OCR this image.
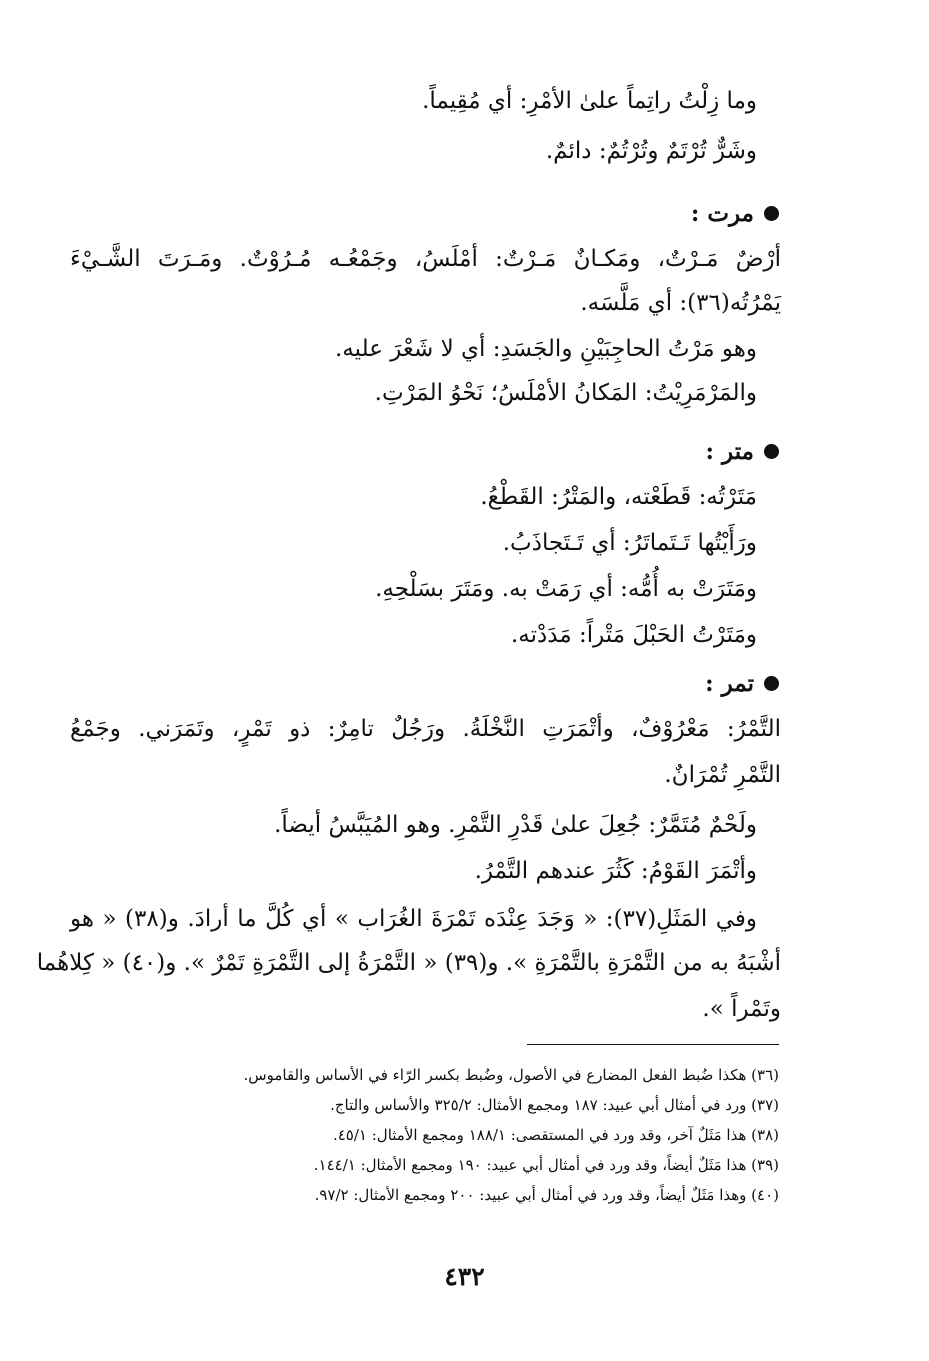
وما زِلْتُ راتِماً علىٰ الأمْرِ: أي مُقِيماً.
وشَرٌّ تُرْتَمٌ وتُرْتُمٌ: دائمٌ.
مرت :
أرْضٌ مَـرْتٌ، ومَكـانٌ مَـرْتٌ: أمْلَسُ، وجَمْعُـه مُـرُوْتٌ. ومَـرَتَ الشَّـيْءَ
يَمْرُتُه(٣٦): أي مَلَّسَه.
وهو مَرْتُ الحاجِبَيْنِ والجَسَدِ: أي لا شَعْرَ عليه.
والمَرْمَرِيْتُ: المَكانُ الأمْلَسُ؛ نَحْوُ المَرْتِ.
متر :
مَتَرْتُه: قَطَعْته، والمَتْرُ: القَطْعُ.
ورَأَيْتُها تَـتَماتَرُ: أي تَـتَجاذَبُ.
ومَتَرَتْ به أُمُّه: أي رَمَتْ به. ومَتَرَ بسَلْحِهِ.
ومَتَرْتُ الحَبْلَ مَتْراً: مَدَدْته.
تمر :
التَّمْرُ: مَعْرُوْفٌ، وأتْمَرَتِ النَّخْلَةُ. ورَجُلٌ تامِرٌ: ذو تَمْرٍ، وتَمَرَني. وجَمْعُ
التَّمْرِ تُمْرَانٌ.
ولَحْمٌ مُتَمَّرٌ: جُعِلَ علىٰ قَدْرِ التَّمْرِ. وهو المُيَبَّسُ أيضاً.
وأتْمَرَ القَوْمُ: كَثُرَ عندهم التَّمْرُ.
وفي المَثَلِ(٣٧): « وَجَدَ عِنْدَه تَمْرَةَ الغُرَاب » أي كُلَّ ما أرادَ. و(٣٨) « هو
أشْبَهُ به من التَّمْرَةِ بالتَّمْرَةِ ». و(٣٩) « التَّمْرَةُ إلى التَّمْرَةِ تَمْرٌ ». و(٤٠) « كِلاهُما
وتَمْراً ».
(٣٦) هكذا ضُبط الفعل المضارع في الأصول، وضُبط بكسر الرّاء في الأساس والقاموس.
(٣٧) ورد في أمثال أبي عبيد: ١٨٧ ومجمع الأمثال: ٣٢٥/٢ والأساس والتاج.
(٣٨) هذا مَثَلٌ آخر، وقد ورد في المستقصى: ١٨٨/١ ومجمع الأمثال: ٤٥/١.
(٣٩) هذا مَثَلٌ أيضاً، وقد ورد في أمثال أبي عبيد: ١٩٠ ومجمع الأمثال: ١٤٤/١.
(٤٠) وهذا مَثَلٌ أيضاً، وقد ورد في أمثال أبي عبيد: ٢٠٠ ومجمع الأمثال: ٩٧/٢.
٤٣٢
